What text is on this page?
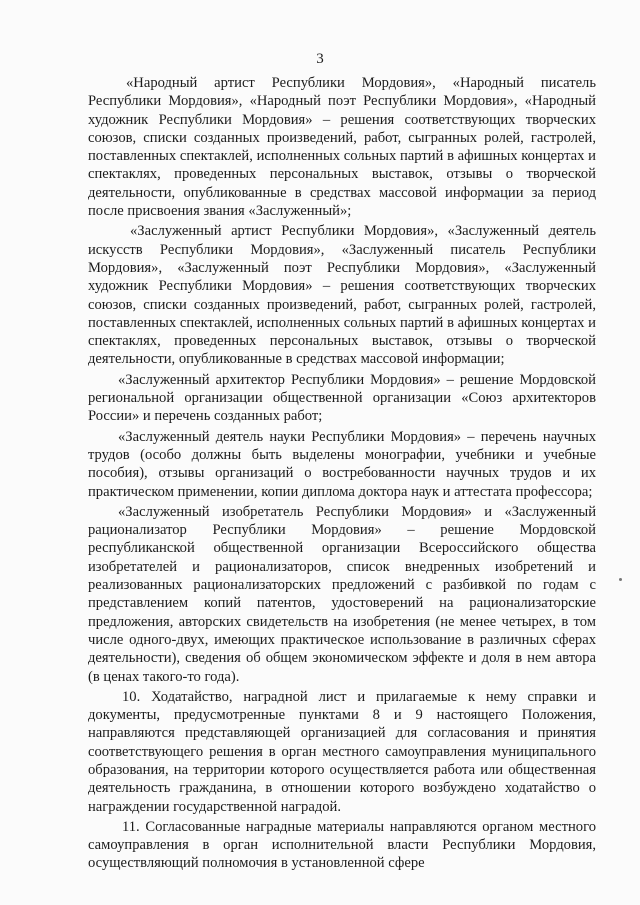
3

«Народный артист Республики Мордовия», «Народный писатель Республики Мордовия», «Народный поэт Республики Мордовия», «Народный художник Республики Мордовия» – решения соответствующих творческих союзов, списки созданных произведений, работ, сыгранных ролей, гастролей, поставленных спектаклей, исполненных сольных партий в афишных концертах и спектаклях, проведенных персональных выставок, отзывы о творческой деятельности, опубликованные в средствах массовой информации за период после присвоения звания «Заслуженный»;

«Заслуженный артист Республики Мордовия», «Заслуженный деятель искусств Республики Мордовия», «Заслуженный писатель Республики Мордовия», «Заслуженный поэт Республики Мордовия», «Заслуженный художник Республики Мордовия» – решения соответствующих творческих союзов, списки созданных произведений, работ, сыгранных ролей, гастролей, поставленных спектаклей, исполненных сольных партий в афишных концертах и спектаклях, проведенных персональных выставок, отзывы о творческой деятельности, опубликованные в средствах массовой информации;

«Заслуженный архитектор Республики Мордовия» – решение Мордовской региональной организации общественной организации «Союз архитекторов России» и перечень созданных работ;

«Заслуженный деятель науки Республики Мордовия» – перечень научных трудов (особо должны быть выделены монографии, учебники и учебные пособия), отзывы организаций о востребованности научных трудов и их практическом применении, копии диплома доктора наук и аттестата профессора;

«Заслуженный изобретатель Республики Мордовия» и «Заслуженный рационализатор Республики Мордовия» – решение Мордовской республиканской общественной организации Всероссийского общества изобретателей и рационализаторов, список внедренных изобретений и реализованных рационализаторских предложений с разбивкой по годам с представлением копий патентов, удостоверений на рационализаторские предложения, авторских свидетельств на изобретения (не менее четырех, в том числе одного-двух, имеющих практическое использование в различных сферах деятельности), сведения об общем экономическом эффекте и доля в нем автора (в ценах такого-то года).

10. Ходатайство, наградной лист и прилагаемые к нему справки и документы, предусмотренные пунктами 8 и 9 настоящего Положения, направляются представляющей организацией для согласования и принятия соответствующего решения в орган местного самоуправления муниципального образования, на территории которого осуществляется работа или общественная деятельность гражданина, в отношении которого возбуждено ходатайство о награждении государственной наградой.

11. Согласованные наградные материалы направляются органом местного самоуправления в орган исполнительной власти Республики Мордовия, осуществляющий полномочия в установленной сфере
